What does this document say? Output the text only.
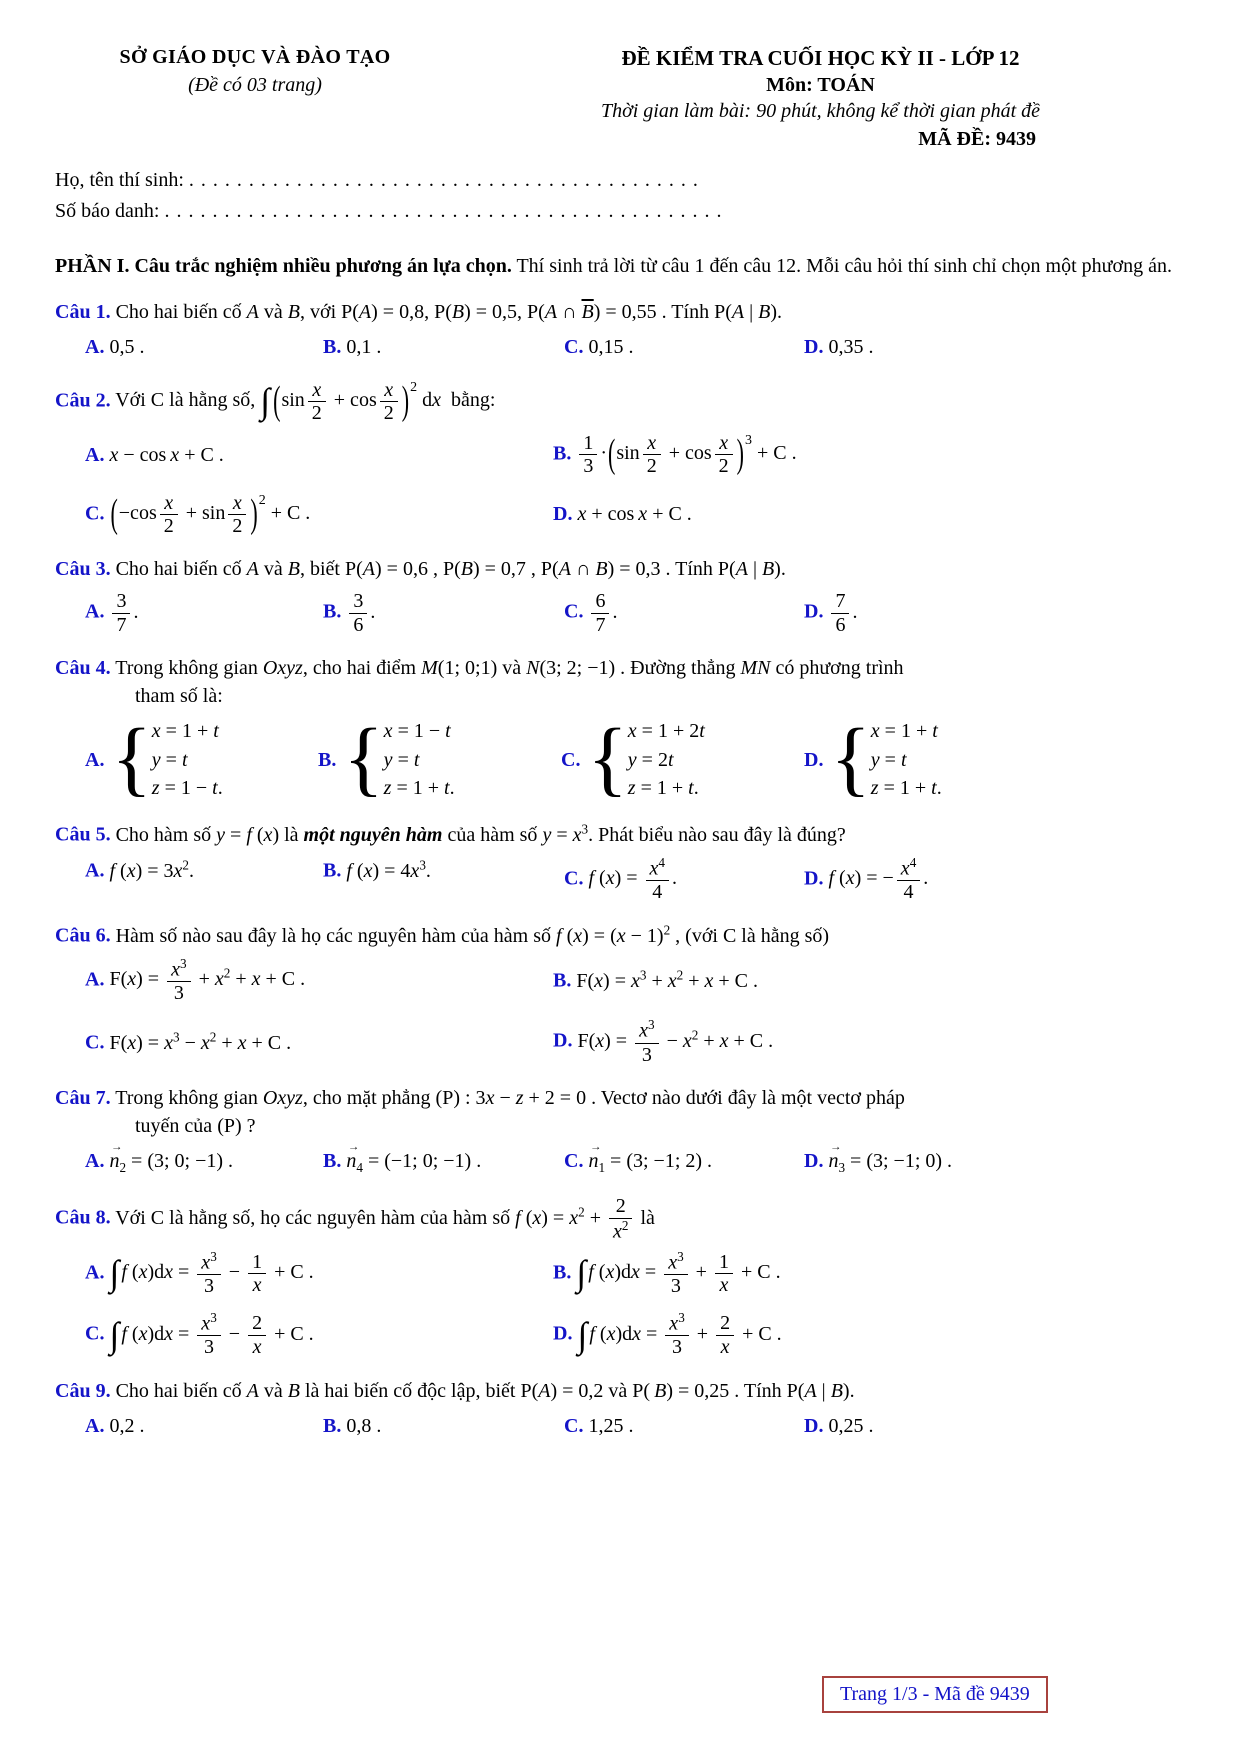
SỞ GIÁO DỤC VÀ ĐÀO TẠO
(Đề có 03 trang)
ĐỀ KIỂM TRA CUỐI HỌC KỲ II - LỚP 12
Môn: TOÁN
Thời gian làm bài: 90 phút, không kể thời gian phát đề
MÃ ĐỀ: 9439
Họ, tên thí sinh: . . . . . . . . . . . . . . . . . . . . . . . . . . . . . . . . . . . . . . . . . . .
Số báo danh: . . . . . . . . . . . . . . . . . . . . . . . . . . . . . . . . . . . . . . . . . . . . . . .
PHẦN I. Câu trắc nghiệm nhiều phương án lựa chọn. Thí sinh trả lời từ câu 1 đến câu 12. Mỗi câu hỏi thí sinh chỉ chọn một phương án.
Câu 1. Cho hai biến cố A và B, với P(A) = 0,8, P(B) = 0,5, P(A ∩ $\overline{B}) = 0,55$ . Tính P(A | B).
A. 0,5 .	B. 0,1 .	C. 0,15 .	D. 0,35 .
Câu 2. Với C là hằng số, ∫ $(\sin \frac{x}{2} + \cos \frac{x}{2} )^2$ dx  bằng:
A. x − cos x + C .	B. $\frac{1}{3} \cdot(\sin \frac{x}{2} + \cos \frac{x}{2} )^3 + C$ .
C. $(-\cos \frac{x}{2} + \sin \frac{x}{2} )^2 + C$ .	D. x + cos x + C .
Câu 3. Cho hai biến cố A và B, biết P(A) = 0,6 , P(B) = 0,7 , P(A ∩ B) = 0,3 . Tính P(A | B).
A. $\frac{3}{7}$ .	B. $\frac{3}{6}$ .	C. $\frac{6}{7}$ .	D. $\frac{7}{6}$ .
Câu 4. Trong không gian Oxyz, cho hai điểm M(1; 0;1) và N(3; 2; −1) . Đường thẳng MN có phương trình
tham số là:
A. { x = 1 + t
y = t
z = 1 − t.
B. { x = 1 − t
y = t
z = 1 + t.
C. { x = 1 + 2t
y = 2t
z = 1 + t.
D. { x = 1 + t
y = t
z = 1 + t.
Câu 5. Cho hàm số y = f (x) là một nguyên hàm của hàm số $y = x^3$. Phát biểu nào sau đây là đúng?
A. f $(x) = 3x^2$.	B. f $(x) = 4x^3$.	C. f $(x) = \frac{x^4}{4}$ .	D. f (x) = − $\frac{x^4}{4}$ .
Câu 6. Hàm số nào sau đây là họ các nguyên hàm của hàm số f $(x) = (x - 1)^2$ , (với C là hằng số)
A. $F(x) = \frac{x^3}{3} + x^2 + x + C$ .	B. $F(x) = x^3 + x^2 + x + C$ .
C. $F(x) = x^3 - x^2 + x + C$ .	D. $F(x) = \frac{x^3}{3} - x^2 + x + C$ .
Câu 7. Trong không gian Oxyz, cho mặt phẳng (P) : 3x − z + 2 = 0 . Vectơ nào dưới đây là một vectơ pháp
tuyến của (P) ?
A. → $n_2 = (3$; 0; −1) .	B. → $n_4 = (-1$; 0; −1) .	C. → $n_1 = (3$; −1; 2) .	D. → $n_3 = (3$; −1; 0) .
Câu 8. Với C là hằng số, họ các nguyên hàm của hàm số f $(x) = x^2 + \frac{2}{x^2}$ là
A. ∫ f $(x)dx = \frac{x^3}{3} - \frac{1}{x} + C$ .	B. ∫ f $(x)dx = \frac{x^3}{3} + \frac{1}{x} + C$ .
C. ∫ f $(x)dx = \frac{x^3}{3} - \frac{2}{x} + C$ .	D. ∫ f $(x)dx = \frac{x^3}{3} + \frac{2}{x} + C$ .
Câu 9. Cho hai biến cố A và B là hai biến cố độc lập, biết P(A) = 0,2 và P( B) = 0,25 . Tính P(A | B).
A. 0,2 .	B. 0,8 .	C. 1,25 .	D. 0,25 .
Trang 1/3 - Mã đề 9439
